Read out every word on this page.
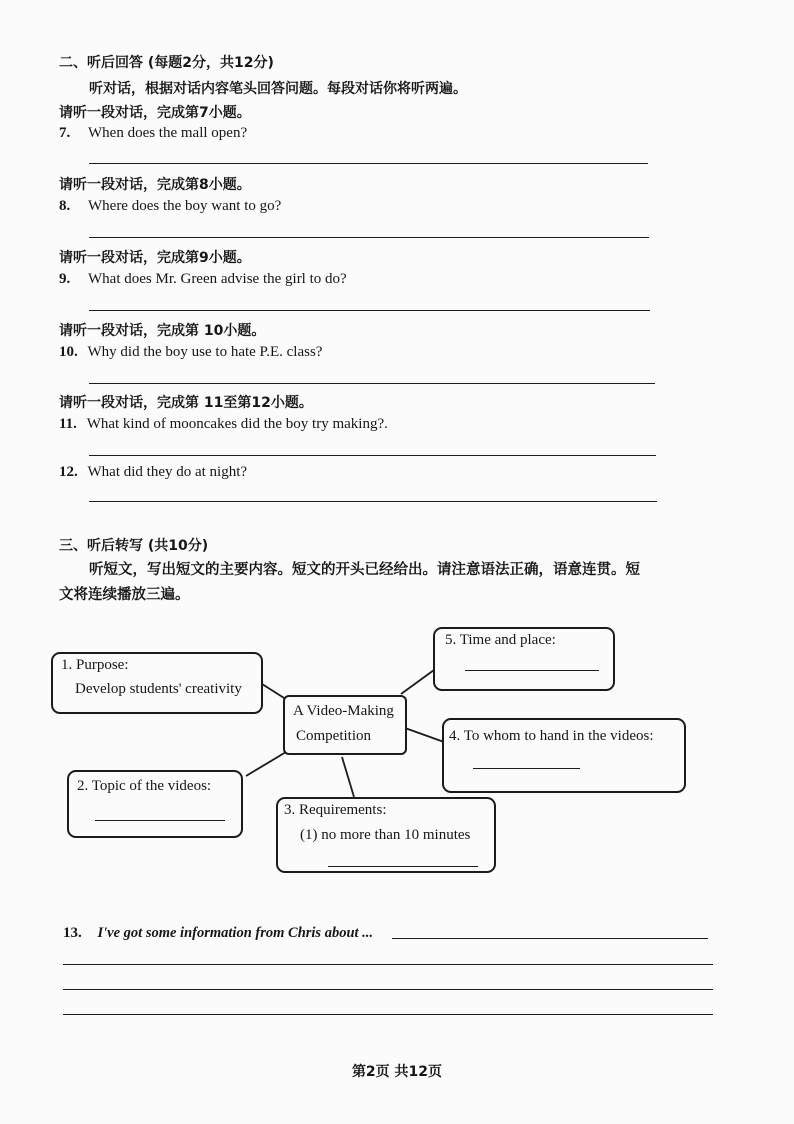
二、听后回答 (每题2分，共12分)
听对话，根据对话内容笔头回答问题。每段对话你将听两遍。
请听一段对话，完成第7小题。
7. When does the mall open?
请听一段对话，完成第8小题。
8. Where does the boy want to go?
请听一段对话，完成第9小题。
9. What does Mr. Green advise the girl to do?
请听一段对话，完成第 10小题。
10. Why did the boy use to hate P.E. class?
请听一段对话，完成第 11至第12小题。
11. What kind of mooncakes did the boy try making?.
12. What did they do at night?
三、听后转写 (共10分)
听短文，写出短文的主要内容。短文的开头已经给出。请注意语法正确，语意连贯。短
文将连续播放三遍。
A Video-Making
Competition
1. Purpose:
Develop students' creativity
5. Time and place:
4. To whom to hand in the videos:
2. Topic of the videos:
3. Requirements:
(1) no more than 10 minutes
13. I've got some information from Chris about ...
第2页 共12页
